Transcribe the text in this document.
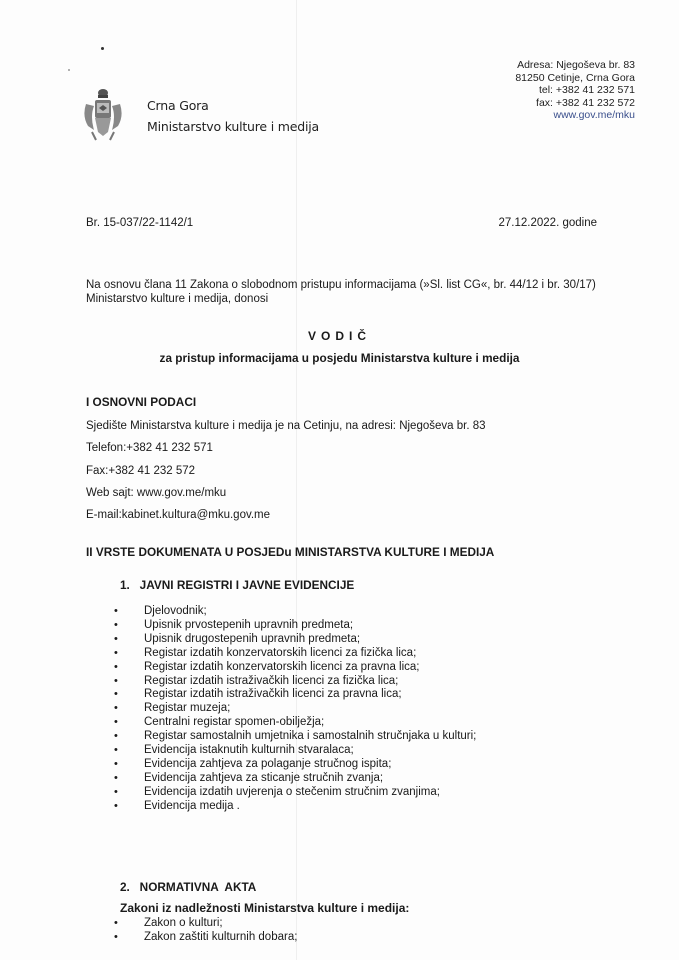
Crna Gora
Ministarstvo kulture i medija
Adresa: Njegoševa br. 83
81250 Cetinje, Crna Gora
tel: +382 41 232 571
fax: +382 41 232 572
www.gov.me/mku
Br. 15-037/22-1142/1	27.12.2022. godine
Na osnovu člana 11 Zakona o slobodnom pristupu informacijama (»Sl. list CG«, br. 44/12 i br. 30/17) Ministarstvo kulture i medija, donosi
VODIČ
za pristup informacijama u posjedu Ministarstva kulture i medija
I OSNOVNI PODACI
Sjedište Ministarstva kulture i medija je na Cetinju, na adresi: Njegoševa br. 83
Telefon:+382 41 232 571
Fax:+382 41 232 572
Web sajt: www.gov.me/mku
E-mail:kabinet.kultura@mku.gov.me
II VRSTE DOKUMENATA U POSJEDu MINISTARSTVA KULTURE I MEDIJA
1.   JAVNI REGISTRI I JAVNE EVIDENCIJE
• Djelovodnik;
• Upisnik prvostepenih upravnih predmeta;
• Upisnik drugostepenih upravnih predmeta;
• Registar izdatih konzervatorskih licenci za fizička lica;
• Registar izdatih konzervatorskih licenci za pravna lica;
• Registar izdatih istraživačkih licenci za fizička lica;
• Registar izdatih istraživačkih licenci za pravna lica;
• Registar muzeja;
• Centralni registar spomen-obilježja;
• Registar samostalnih umjetnika i samostalnih stručnjaka u kulturi;
• Evidencija istaknutih kulturnih stvaralaca;
• Evidencija zahtjeva za polaganje stručnog ispita;
• Evidencija zahtjeva za sticanje stručnih zvanja;
• Evidencija izdatih uvjerenja o stečenim stručnim zvanjima;
• Evidencija medija .
2.   NORMATIVNA  AKTA
Zakoni iz nadležnosti Ministarstva kulture i medija:
• Zakon o kulturi;
• Zakon zaštiti kulturnih dobara;
